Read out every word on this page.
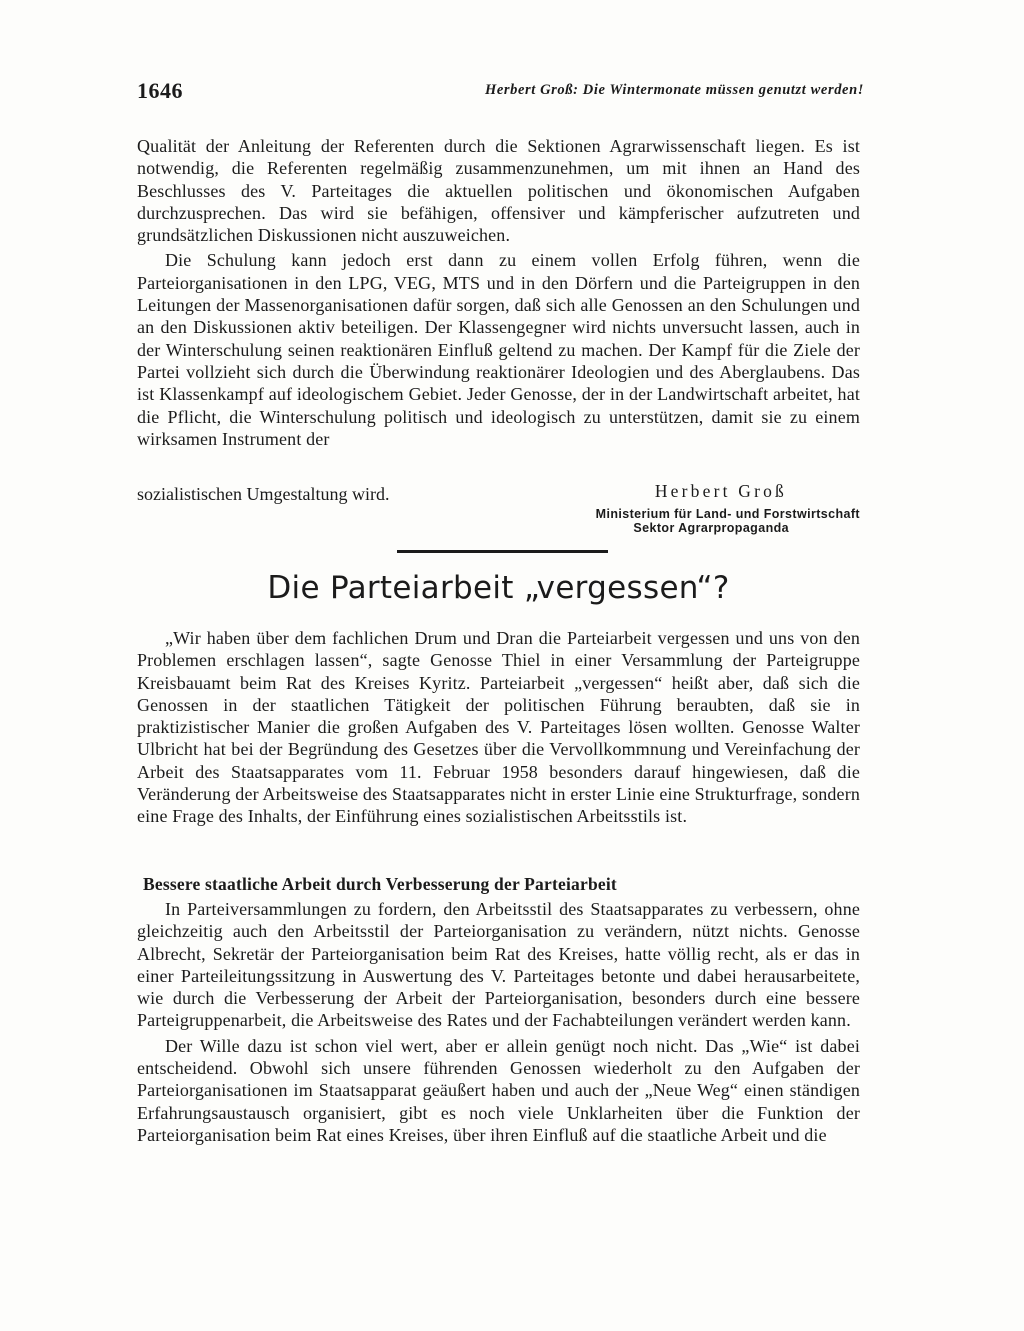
1646	Herbert Groß: Die Wintermonate müssen genutzt werden!

Qualität der Anleitung der Referenten durch die Sektionen Agrarwissenschaft liegen. Es ist notwendig, die Referenten regelmäßig zusammenzunehmen, um mit ihnen an Hand des Beschlusses des V. Parteitages die aktuellen politischen und ökonomischen Aufgaben durchzusprechen. Das wird sie befähigen, offensiver und kämpferischer aufzutreten und grundsätzlichen Diskussionen nicht auszuweichen.

Die Schulung kann jedoch erst dann zu einem vollen Erfolg führen, wenn die Parteiorganisationen in den LPG, VEG, MTS und in den Dörfern und die Parteigruppen in den Leitungen der Massenorganisationen dafür sorgen, daß sich alle Genossen an den Schulungen und an den Diskussionen aktiv beteiligen. Der Klassengegner wird nichts unversucht lassen, auch in der Winterschulung seinen reaktionären Einfluß geltend zu machen. Der Kampf für die Ziele der Partei vollzieht sich durch die Überwindung reaktionärer Ideologien und des Aberglaubens. Das ist Klassenkampf auf ideologischem Gebiet. Jeder Genosse, der in der Landwirtschaft arbeitet, hat die Pflicht, die Winterschulung politisch und ideologisch zu unterstützen, damit sie zu einem wirksamen Instrument der

sozialistischen Umgestaltung wird.	Herbert Groß
Ministerium für Land- und Forstwirtschaft
Sektor Agrarpropaganda
Die Parteiarbeit „vergessen“?

„Wir haben über dem fachlichen Drum und Dran die Parteiarbeit vergessen und uns von den Problemen erschlagen lassen“, sagte Genosse Thiel in einer Versammlung der Parteigruppe Kreisbauamt beim Rat des Kreises Kyritz. Parteiarbeit „vergessen“ heißt aber, daß sich die Genossen in der staatlichen Tätigkeit der politischen Führung beraubten, daß sie in praktizistischer Manier die großen Aufgaben des V. Parteitages lösen wollten. Genosse Walter Ulbricht hat bei der Begründung des Gesetzes über die Vervollkommnung und Vereinfachung der Arbeit des Staatsapparates vom 11. Februar 1958 besonders darauf hingewiesen, daß die Veränderung der Arbeitsweise des Staatsapparates nicht in erster Linie eine Strukturfrage, sondern eine Frage des Inhalts, der Einführung eines sozialistischen Arbeitsstils ist.

Bessere staatliche Arbeit durch Verbesserung der Parteiarbeit

In Parteiversammlungen zu fordern, den Arbeitsstil des Staatsapparates zu verbessern, ohne gleichzeitig auch den Arbeitsstil der Parteiorganisation zu verändern, nützt nichts. Genosse Albrecht, Sekretär der Parteiorganisation beim Rat des Kreises, hatte völlig recht, als er das in einer Parteileitungssitzung in Auswertung des V. Parteitages betonte und dabei herausarbeitete, wie durch die Verbesserung der Arbeit der Parteiorganisation, besonders durch eine bessere Parteigruppenarbeit, die Arbeitsweise des Rates und der Fachabteilungen verändert werden kann.

Der Wille dazu ist schon viel wert, aber er allein genügt noch nicht. Das „Wie“ ist dabei entscheidend. Obwohl sich unsere führenden Genossen wiederholt zu den Aufgaben der Parteiorganisationen im Staatsapparat geäußert haben und auch der „Neue Weg“ einen ständigen Erfahrungsaustausch organisiert, gibt es noch viele Unklarheiten über die Funktion der Parteiorganisation beim Rat eines Kreises, über ihren Einfluß auf die staatliche Arbeit und die
